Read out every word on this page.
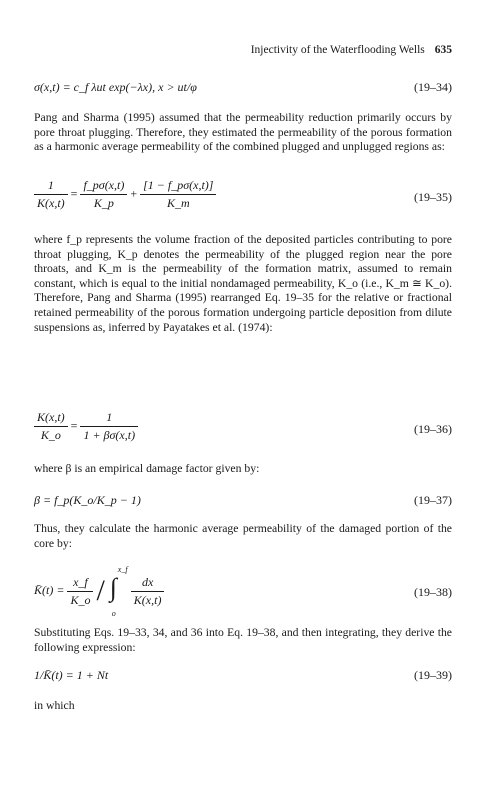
Injectivity of the Waterflooding Wells 635
σ(x,t) = c_f λut exp(−λx), x > ut/φ	(19–34)

Pang and Sharma (1995) assumed that the permeability reduction primarily occurs by pore throat plugging. Therefore, they estimated the permeability of the porous formation as a harmonic average permeability of the combined plugged and unplugged regions as:

$\frac{1}{K(x,t)} = \frac{f\_p\sigma(x,t)}{K\_p} + \frac{[1 - f\_p\sigma(x,t)]}{K\_m}$	(19–35)

where f_p represents the volume fraction of the deposited particles contributing to pore throat plugging, K_p denotes the permeability of the plugged region near the pore throats, and K_m is the permeability of the formation matrix, assumed to remain constant, which is equal to the initial nondamaged permeability, K_o (i.e., K_m ≅ K_o). Therefore, Pang and Sharma (1995) rearranged Eq. 19–35 for the relative or fractional retained permeability of the porous formation undergoing particle deposition from dilute suspensions as, inferred by Payatakes et al. (1974):

$\frac{K(x,t)}{K\_o} = \frac{1}{1 + \beta\sigma(x,t)}$	(19–36)

where β is an empirical damage factor given by:

β = f_p(K_o/K_p − 1)	(19–37)

Thus, they calculate the harmonic average permeability of the damaged portion of the core by:

K̄(t) = $\frac{x\_f}{K\_o}$ /
x_f
∫
o

$\frac{dx}{K(x,t)}$	(19–38)

Substituting Eqs. 19–33, 34, and 36 into Eq. 19–38, and then integrating, they derive the following expression:

1/K̄(t) = 1 + Nt	(19–39)

in which
